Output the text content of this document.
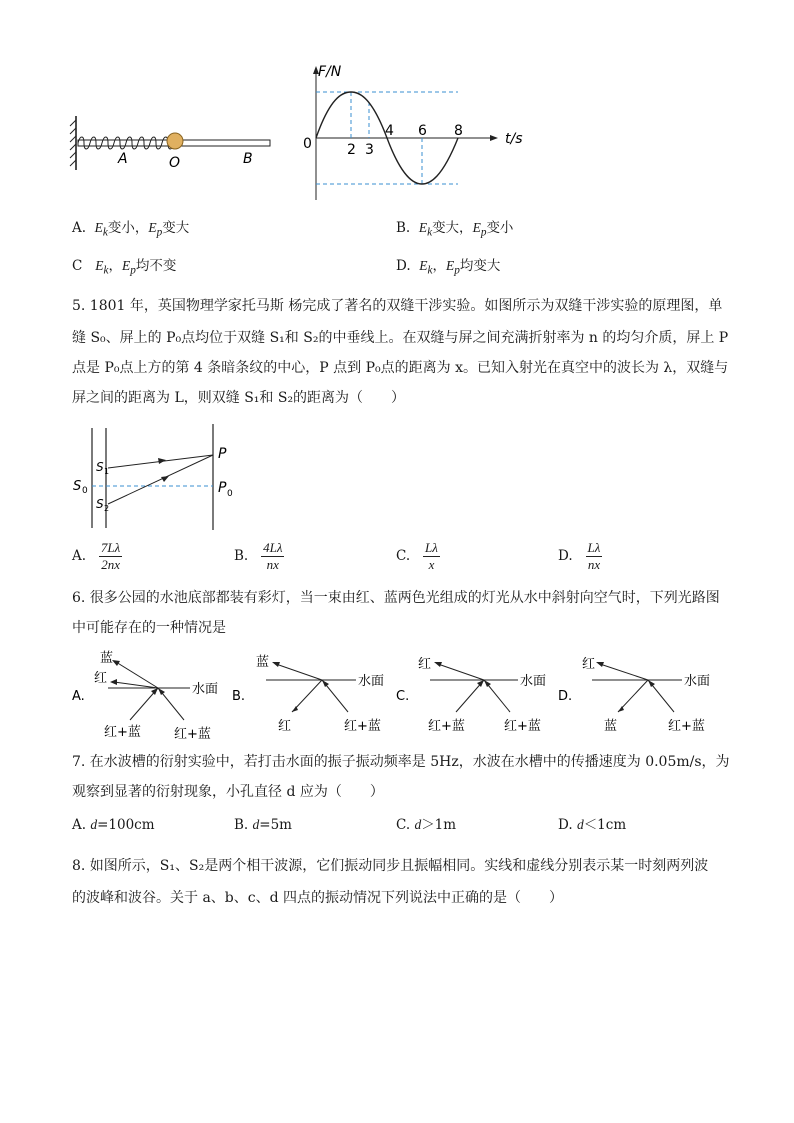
A	O	B
F/N
t/s
0	2 3
4 6 8
A. $E_k$变小，$E_p$变大	B. $E_k$变大，$E_p$变小
C $E_k$，$E_p$均不变	D. $E_k$，$E_p$均变大
5. 1801 年，英国物理学家托马斯 杨完成了著名的双缝干涉实验。如图所示为双缝干涉实验的原理图，单
缝 S₀、屏上的 P₀点均位于双缝 S₁和 S₂的中垂线上。在双缝与屏之间充满折射率为 n 的均匀介质，屏上 P
点是 P₀点上方的第 4 条暗条纹的中心，P 点到 P₀点的距离为 x。已知入射光在真空中的波长为 λ，双缝与
屏之间的距离为 L，则双缝 S₁和 S₂的距离为（　　）
S 0
S 1
S 2
P
P 0
A. $\frac{7L\lambda}{2nx}$	B. $\frac{4L\lambda}{nx}$	C. $\frac{L\lambda}{x}$	D. $\frac{L\lambda}{nx}$
6. 很多公园的水池底部都装有彩灯，当一束由红、蓝两色光组成的灯光从水中斜射向空气时，下列光路图
中可能存在的一种情况是
A.	水面
蓝
红
红+蓝	红+蓝
B.
水面
蓝
红	红+蓝
C.
水面
红
红+蓝	红+蓝
D.
水面
红
蓝	红+蓝
7. 在水波槽的衍射实验中，若打击水面的振子振动频率是 5Hz，水波在水槽中的传播速度为 0.05m/s，为
观察到显著的衍射现象，小孔直径 d 应为（　　）
A. d=100cm	B. d=5m	C. d＞1m	D. d＜1cm
8. 如图所示，S₁、S₂是两个相干波源，它们振动同步且振幅相同。实线和虚线分别表示某一时刻两列波
的波峰和波谷。关于 a、b、c、d 四点的振动情况下列说法中正确的是（　　）
